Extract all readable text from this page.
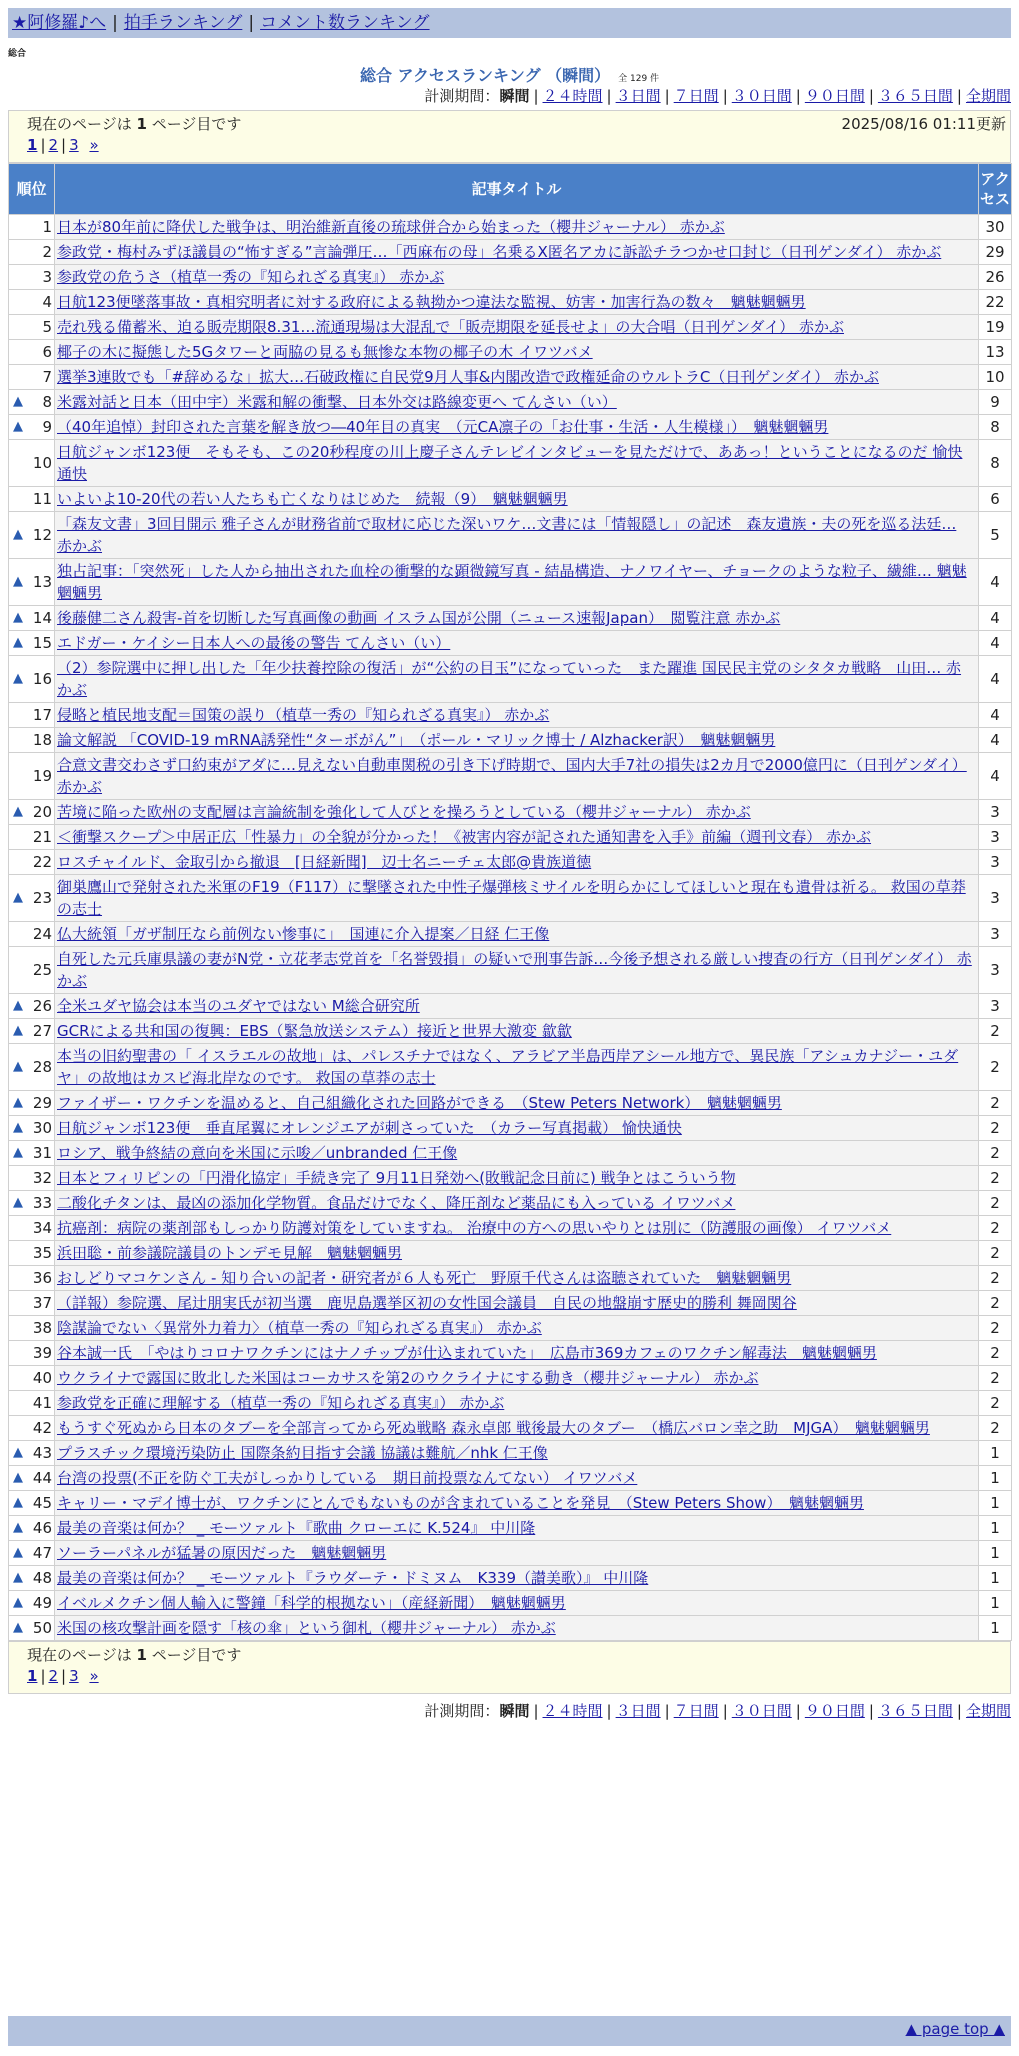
★阿修羅♪へ | 拍手ランキング | コメント数ランキング
総合
総合 アクセスランキング （瞬間） 全 129 件
計測期間：瞬間 | ２４時間 | ３日間 | ７日間 | ３０日間 | ９０日間 | ３６５日間 | 全期間
現在のページは 1 ページ目です	2025/08/16 01:11更新
1 | 2 | 3 »
順位	記事タイトル	アクセス
1	日本が80年前に降伏した戦争は、明治維新直後の琉球併合から始まった（櫻井ジャーナル） 赤かぶ	30
2	参政党・梅村みずほ議員の“怖すぎる”言論弾圧…「西麻布の母」名乗るX匿名アカに訴訟チラつかせ口封じ（日刊ゲンダイ） 赤かぶ	29
3	参政党の危うさ（植草一秀の『知られざる真実』） 赤かぶ	26
4	日航123便墜落事故・真相究明者に対する政府による執拗かつ違法な監視、妨害・加害行為の数々　魑魅魍魎男	22
5	売れ残る備蓄米、迫る販売期限8.31…流通現場は大混乱で「販売期限を延長せよ」の大合唱（日刊ゲンダイ） 赤かぶ	19
6	椰子の木に擬態した5Gタワーと両脇の見るも無惨な本物の椰子の木 イワツバメ	13
7	選挙3連敗でも「#辞めるな」拡大…石破政権に自民党9月人事&内閣改造で政権延命のウルトラC（日刊ゲンダイ） 赤かぶ	10

▲ 8	米露対話と日本（田中宇）米露和解の衝撃、日本外交は路線変更へ てんさい（い）	9

▲ 9	（40年追悼）封印された言葉を解き放つ―40年目の真実　（元CA凛子の「お仕事・生活・人生模様」）　魑魅魍魎男	8
10	日航ジャンボ123便　そもそも、この20秒程度の川上慶子さんテレビインタビューを見ただけで、ああっ！ということになるのだ 愉快通快	8
11	いよいよ10-20代の若い人たちも亡くなりはじめた　続報（9）　魑魅魍魎男	6

▲ 12	「森友文書」3回目開示 雅子さんが財務省前で取材に応じた深いワケ…文書には「情報隠し」の記述　森友遺族・夫の死を巡る法廷… 赤かぶ	5

▲ 13	独占記事：「突然死」した人から抽出された血栓の衝撃的な顕微鏡写真 - 結晶構造、ナノワイヤー、チョークのような粒子、繊維… 魑魅魍魎男	4

▲ 14	後藤健二さん殺害-首を切断した写真画像の動画 イスラム国が公開（ニュース速報Japan）　閲覧注意 赤かぶ	4

▲ 15	エドガー・ケイシー日本人への最後の警告 てんさい（い）	4

▲ 16	（2）参院選中に押し出した「年少扶養控除の復活」が“公約の目玉”になっていった　また躍進 国民民主党のシタタカ戦略　山田… 赤かぶ	4
17	侵略と植民地支配＝国策の誤り（植草一秀の『知られざる真実』） 赤かぶ	4
18	論文解説 「COVID-19 mRNA誘発性“ターボがん”」　（ポール・マリック博士 / Alzhacker訳）　魑魅魍魎男	4
19	合意文書交わさず口約束がアダに…見えない自動車関税の引き下げ時期で、国内大手7社の損失は2カ月で2000億円に（日刊ゲンダイ） 赤かぶ	4

▲ 20	苦境に陥った欧州の支配層は言論統制を強化して人びとを操ろうとしている（櫻井ジャーナル） 赤かぶ	3
21	＜衝撃スクープ＞中居正広「性暴力」の全貌が分かった！《被害内容が記された通知書を入手》前編（週刊文春） 赤かぶ	3
22	ロスチャイルド、金取引から撤退　[日経新聞]　辺士名ニーチェ太郎@貴族道徳	3

▲ 23	御巣鷹山で発射された米軍のF19（F117）に撃墜された中性子爆弾核ミサイルを明らかにしてほしいと現在も遺骨は祈る。 救国の草莽の志士	3
24	仏大統領「ガザ制圧なら前例ない惨事に」　国連に介入提案／日経 仁王像	3
25	自死した元兵庫県議の妻がN党・立花孝志党首を「名誉毀損」の疑いで刑事告訴…今後予想される厳しい捜査の行方（日刊ゲンダイ） 赤かぶ	3

▲ 26	全米ユダヤ協会は本当のユダヤではない M総合研究所	3

▲ 27	GCRによる共和国の復興：EBS（緊急放送システム）接近と世界大激変 歙歙	2

▲ 28	本当の旧約聖書の「 イスラエルの故地」は、パレスチナではなく、アラビア半島西岸アシール地方で、異民族「アシュカナジー・ユダヤ」の故地はカスピ海北岸なのです。 救国の草莽の志士	2

▲ 29	ファイザー・ワクチンを温めると、自己組織化された回路ができる　（Stew Peters Network）　魑魅魍魎男	2

▲ 30	日航ジャンボ123便　垂直尾翼にオレンジエアが刺さっていた　（カラー写真掲載） 愉快通快	2

▲ 31	ロシア、戦争終結の意向を米国に示唆／unbranded 仁王像	2
32	日本とフィリピンの「円滑化協定」手続き完了 9月11日発効へ(敗戦記念日前に) 戦争とはこういう物	2

▲ 33	二酸化チタンは、最凶の添加化学物質。食品だけでなく、降圧剤など薬品にも入っている イワツバメ	2
34	抗癌剤：病院の薬剤部もしっかり防護対策をしていますね。 治療中の方への思いやりとは別に（防護服の画像） イワツバメ	2
35	浜田聡・前参議院議員のトンデモ見解　魑魅魍魎男	2
36	おしどりマコケンさん - 知り合いの記者・研究者が６人も死亡　野原千代さんは盗聴されていた　魑魅魍魎男	2
37	（詳報）参院選、尾辻朋実氏が初当選　鹿児島選挙区初の女性国会議員　自民の地盤崩す歴史的勝利 舞岡関谷	2
38	陰謀論でない〈異常外力着力〉（植草一秀の『知られざる真実』） 赤かぶ	2
39	谷本誠一氏　「やはりコロナワクチンにはナノチップが仕込まれていた」　広島市369カフェのワクチン解毒法　魑魅魍魎男	2
40	ウクライナで露国に敗北した米国はコーカサスを第2のウクライナにする動き（櫻井ジャーナル） 赤かぶ	2
41	参政党を正確に理解する（植草一秀の『知られざる真実』） 赤かぶ	2
42	もうすぐ死ぬから日本のタブーを全部言ってから死ぬ戦略 森永卓郎 戦後最大のタブー　（橋広バロン幸之助　MJGA）　魑魅魍魎男	2

▲ 43	プラスチック環境汚染防止 国際条約目指す会議 協議は難航／nhk 仁王像	1

▲ 44	台湾の投票(不正を防ぐ工夫がしっかりしている　期日前投票なんてない） イワツバメ	1

▲ 45	キャリー・マデイ博士が、ワクチンにとんでもないものが含まれていることを発見　（Stew Peters Show）　魑魅魍魎男	1

▲ 46	最美の音楽は何か？ _ モーツァルト『歌曲 クローエに K.524』 中川隆	1

▲ 47	ソーラーパネルが猛暑の原因だった　魑魅魍魎男	1

▲ 48	最美の音楽は何か？ _ モーツァルト『ラウダーテ・ドミヌム　K339（讃美歌）』 中川隆	1

▲ 49	イベルメクチン個人輸入に警鐘「科学的根拠ない」（産経新聞）　魑魅魍魎男	1

▲ 50	米国の核攻撃計画を隠す「核の傘」という御札（櫻井ジャーナル） 赤かぶ	1
現在のページは 1 ページ目です
1 | 2 | 3 »
計測期間：瞬間 | ２４時間 | ３日間 | ７日間 | ３０日間 | ９０日間 | ３６５日間 | 全期間
▲ page top ▲
